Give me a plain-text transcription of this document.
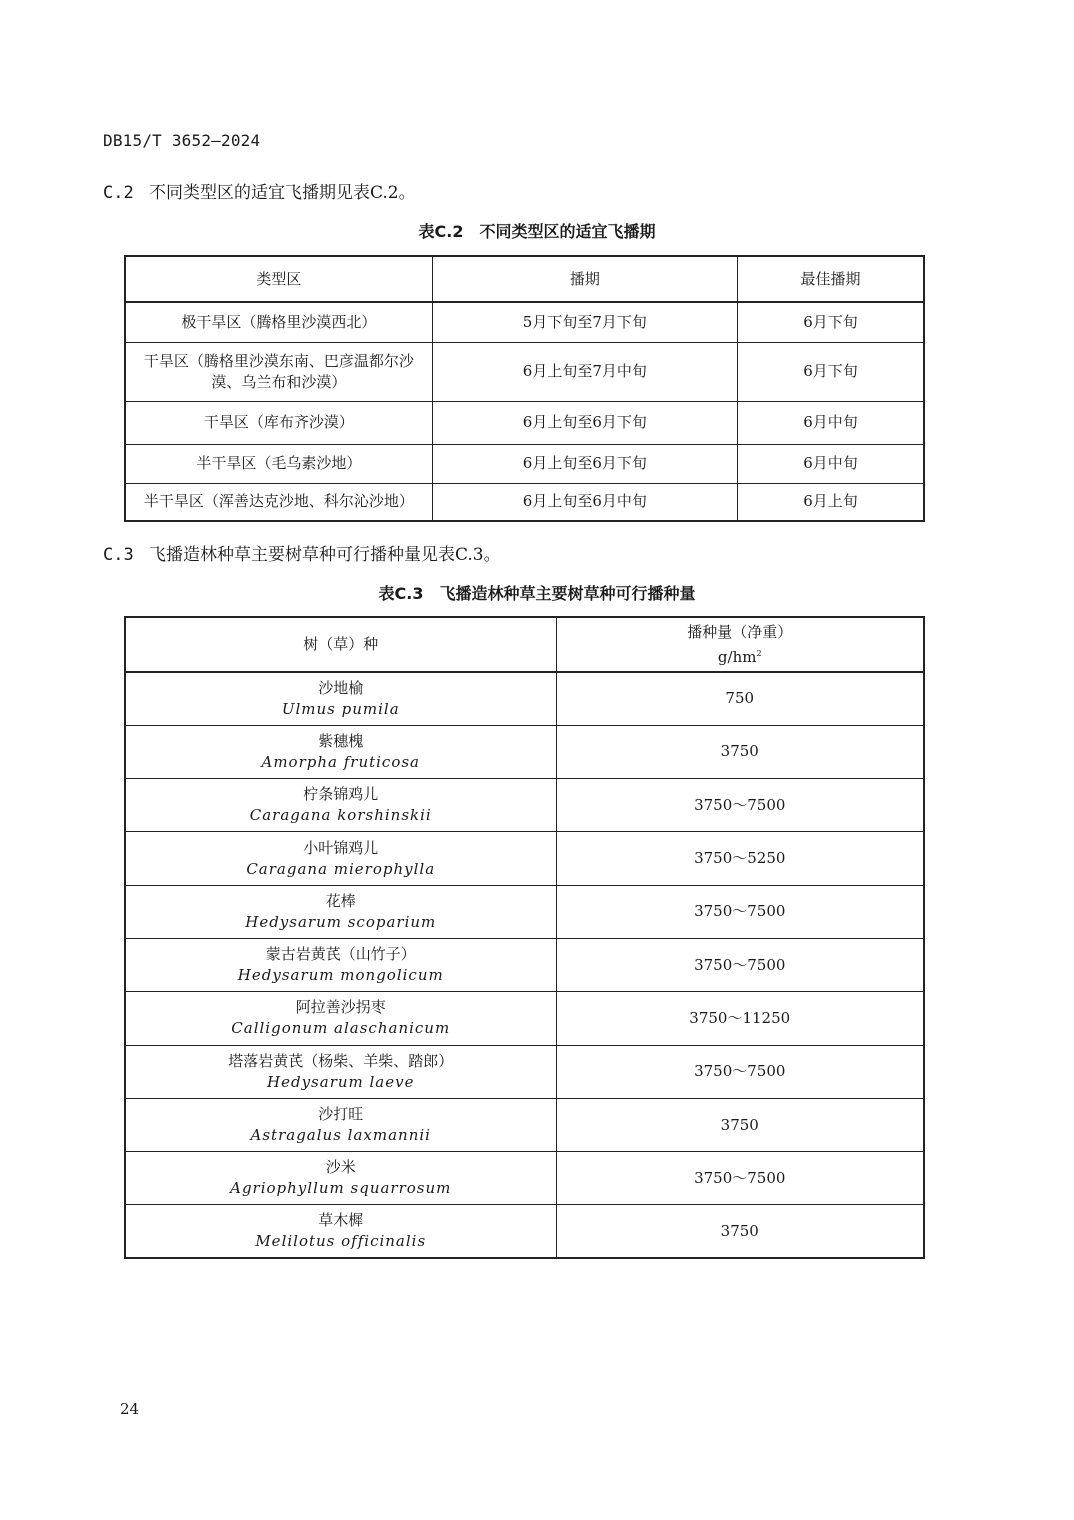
DB15/T 3652—2024
C.2 不同类型区的适宜飞播期见表C.2。
表C.2 不同类型区的适宜飞播期
类型区	播期	最佳播期
极干旱区（腾格里沙漠西北）	5月下旬至7月下旬	6月下旬

干旱区（腾格里沙漠东南、巴彦温都尔沙
漠、乌兰布和沙漠）	6月上旬至7月中旬	6月下旬
干旱区（库布齐沙漠）	6月上旬至6月下旬	6月中旬
半干旱区（毛乌素沙地）	6月上旬至6月下旬	6月中旬
半干旱区（浑善达克沙地、科尔沁沙地）	6月上旬至6月中旬	6月上旬
C.3 飞播造林种草主要树草种可行播种量见表C.3。
表C.3 飞播造林种草主要树草种可行播种量
树（草）种	播种量（净重）
$g/hm^2$

沙地榆
Ulmus pumila	750

紫穗槐
Amorpha fruticosa	3750

柠条锦鸡儿
Caragana korshinskii	3750～7500

小叶锦鸡儿
Caragana mierophylla	3750～5250

花棒
Hedysarum scoparium	3750～7500

蒙古岩黄芪（山竹子）
Hedysarum mongolicum	3750～7500

阿拉善沙拐枣
Calligonum alaschanicum	3750～11250

塔落岩黄芪（杨柴、羊柴、踏郎）
Hedysarum laeve	3750～7500

沙打旺
Astragalus laxmannii	3750

沙米
Agriophyllum squarrosum	3750～7500

草木樨
Melilotus officinalis	3750
24
